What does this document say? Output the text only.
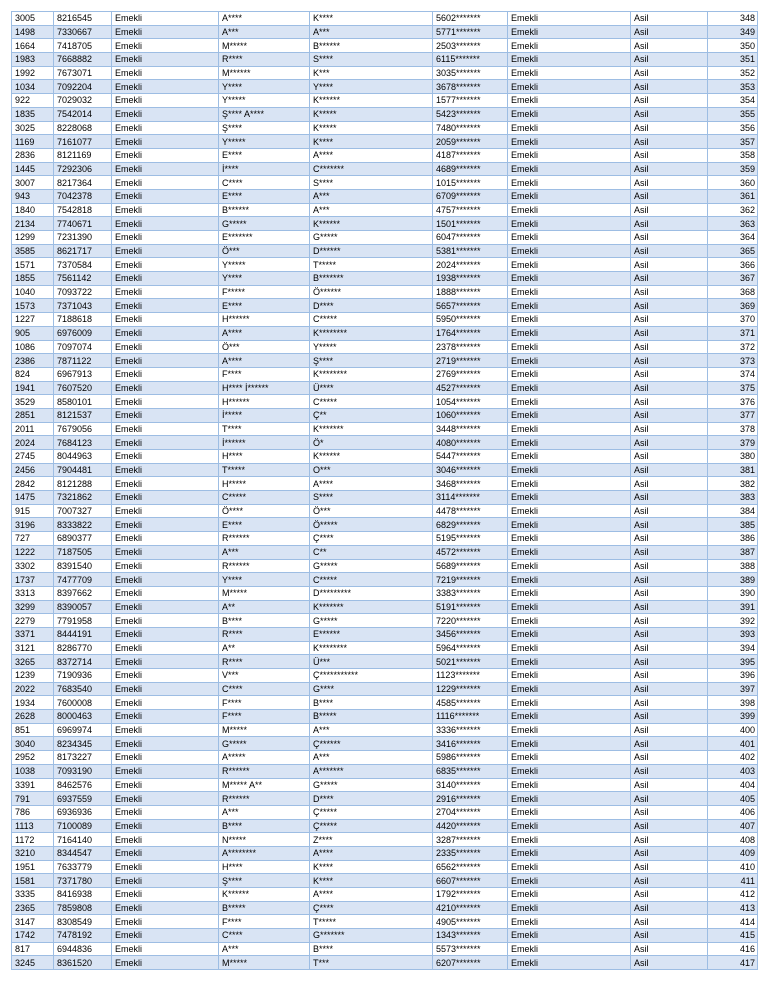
3005	8216545	Emekli	A****	K****	5602*******	Emekli	Asil	348
1498	7330667	Emekli	A***	A***	5771*******	Emekli	Asil	349
1664	7418705	Emekli	M*****	B******	2503*******	Emekli	Asil	350
1983	7668882	Emekli	R****	S****	6115*******	Emekli	Asil	351
1992	7673071	Emekli	M******	K***	3035*******	Emekli	Asil	352
1034	7092204	Emekli	Y****	Y****	3678*******	Emekli	Asil	353
922	7029032	Emekli	Y*****	K******	1577*******	Emekli	Asil	354
1835	7542014	Emekli	Ş**** A****	K*****	5423*******	Emekli	Asil	355
3025	8228068	Emekli	Ş****	K*****	7480*******	Emekli	Asil	356
1169	7161077	Emekli	Y*****	K****	2059*******	Emekli	Asil	357
2836	8121169	Emekli	E****	A****	4187*******	Emekli	Asil	358
1445	7292306	Emekli	İ****	C*******	4689*******	Emekli	Asil	359
3007	8217364	Emekli	C****	S****	1015*******	Emekli	Asil	360
943	7042378	Emekli	E****	A***	6709*******	Emekli	Asil	361
1840	7542818	Emekli	B******	A***	4757*******	Emekli	Asil	362
2134	7740671	Emekli	G*****	K******	1501*******	Emekli	Asil	363
1299	7231390	Emekli	E*******	G*****	6047*******	Emekli	Asil	364
3585	8621717	Emekli	Ö***	D******	5381*******	Emekli	Asil	365
1571	7370584	Emekli	Y*****	T*****	2024*******	Emekli	Asil	366
1855	7561142	Emekli	Y****	B*******	1938*******	Emekli	Asil	367
1040	7093722	Emekli	F*****	Ö******	1888*******	Emekli	Asil	368
1573	7371043	Emekli	E****	D****	5657*******	Emekli	Asil	369
1227	7188618	Emekli	H******	C*****	5950*******	Emekli	Asil	370
905	6976009	Emekli	A****	K********	1764*******	Emekli	Asil	371
1086	7097074	Emekli	Ö***	Y*****	2378*******	Emekli	Asil	372
2386	7871122	Emekli	A****	Ş****	2719*******	Emekli	Asil	373
824	6967913	Emekli	F****	K********	2769*******	Emekli	Asil	374
1941	7607520	Emekli	H**** İ******	Ü****	4527*******	Emekli	Asil	375
3529	8580101	Emekli	H******	C*****	1054*******	Emekli	Asil	376
2851	8121537	Emekli	İ*****	Ç**	1060*******	Emekli	Asil	377
2011	7679056	Emekli	T****	K*******	3448*******	Emekli	Asil	378
2024	7684123	Emekli	İ******	Ö*	4080*******	Emekli	Asil	379
2745	8044963	Emekli	H****	K******	5447*******	Emekli	Asil	380
2456	7904481	Emekli	T*****	O***	3046*******	Emekli	Asil	381
2842	8121288	Emekli	H*****	A****	3468*******	Emekli	Asil	382
1475	7321862	Emekli	C*****	S****	3114*******	Emekli	Asil	383
915	7007327	Emekli	Ö****	Ö***	4478*******	Emekli	Asil	384
3196	8333822	Emekli	E****	Ö*****	6829*******	Emekli	Asil	385
727	6890377	Emekli	R******	Ç****	5195*******	Emekli	Asil	386
1222	7187505	Emekli	A***	C**	4572*******	Emekli	Asil	387
3302	8391540	Emekli	R******	G*****	5689*******	Emekli	Asil	388
1737	7477709	Emekli	Y****	C*****	7219*******	Emekli	Asil	389
3313	8397662	Emekli	M*****	D*********	3383*******	Emekli	Asil	390
3299	8390057	Emekli	A**	K*******	5191*******	Emekli	Asil	391
2279	7791958	Emekli	B****	G*****	7220*******	Emekli	Asil	392
3371	8444191	Emekli	R****	E******	3456*******	Emekli	Asil	393
3121	8286770	Emekli	A**	K********	5964*******	Emekli	Asil	394
3265	8372714	Emekli	R****	Ü***	5021*******	Emekli	Asil	395
1239	7190936	Emekli	V***	Ç***********	1123*******	Emekli	Asil	396
2022	7683540	Emekli	C****	G****	1229*******	Emekli	Asil	397
1934	7600008	Emekli	F****	B****	4585*******	Emekli	Asil	398
2628	8000463	Emekli	F****	B*****	1116*******	Emekli	Asil	399
851	6969974	Emekli	M*****	A***	3336*******	Emekli	Asil	400
3040	8234345	Emekli	G*****	Ç******	3416*******	Emekli	Asil	401
2952	8173227	Emekli	A*****	A***	5986*******	Emekli	Asil	402
1038	7093190	Emekli	R******	A*******	6835*******	Emekli	Asil	403
3391	8462576	Emekli	M***** A**	G*****	3140*******	Emekli	Asil	404
791	6937559	Emekli	R******	D****	2916*******	Emekli	Asil	405
786	6936936	Emekli	A***	Ç*****	2704*******	Emekli	Asil	406
1113	7100089	Emekli	B****	Ç*****	4420*******	Emekli	Asil	407
1172	7164140	Emekli	N*****	Z****	3287*******	Emekli	Asil	408
3210	8344547	Emekli	A********	A****	2335*******	Emekli	Asil	409
1951	7633779	Emekli	H****	K****	6562*******	Emekli	Asil	410
1581	7371780	Emekli	Ş****	K****	6607*******	Emekli	Asil	411
3335	8416938	Emekli	K******	A****	1792*******	Emekli	Asil	412
2365	7859808	Emekli	B*****	Ç****	4210*******	Emekli	Asil	413
3147	8308549	Emekli	F****	T*****	4905*******	Emekli	Asil	414
1742	7478192	Emekli	C****	G*******	1343*******	Emekli	Asil	415
817	6944836	Emekli	A***	B****	5573*******	Emekli	Asil	416
3245	8361520	Emekli	M*****	T***	6207*******	Emekli	Asil	417
